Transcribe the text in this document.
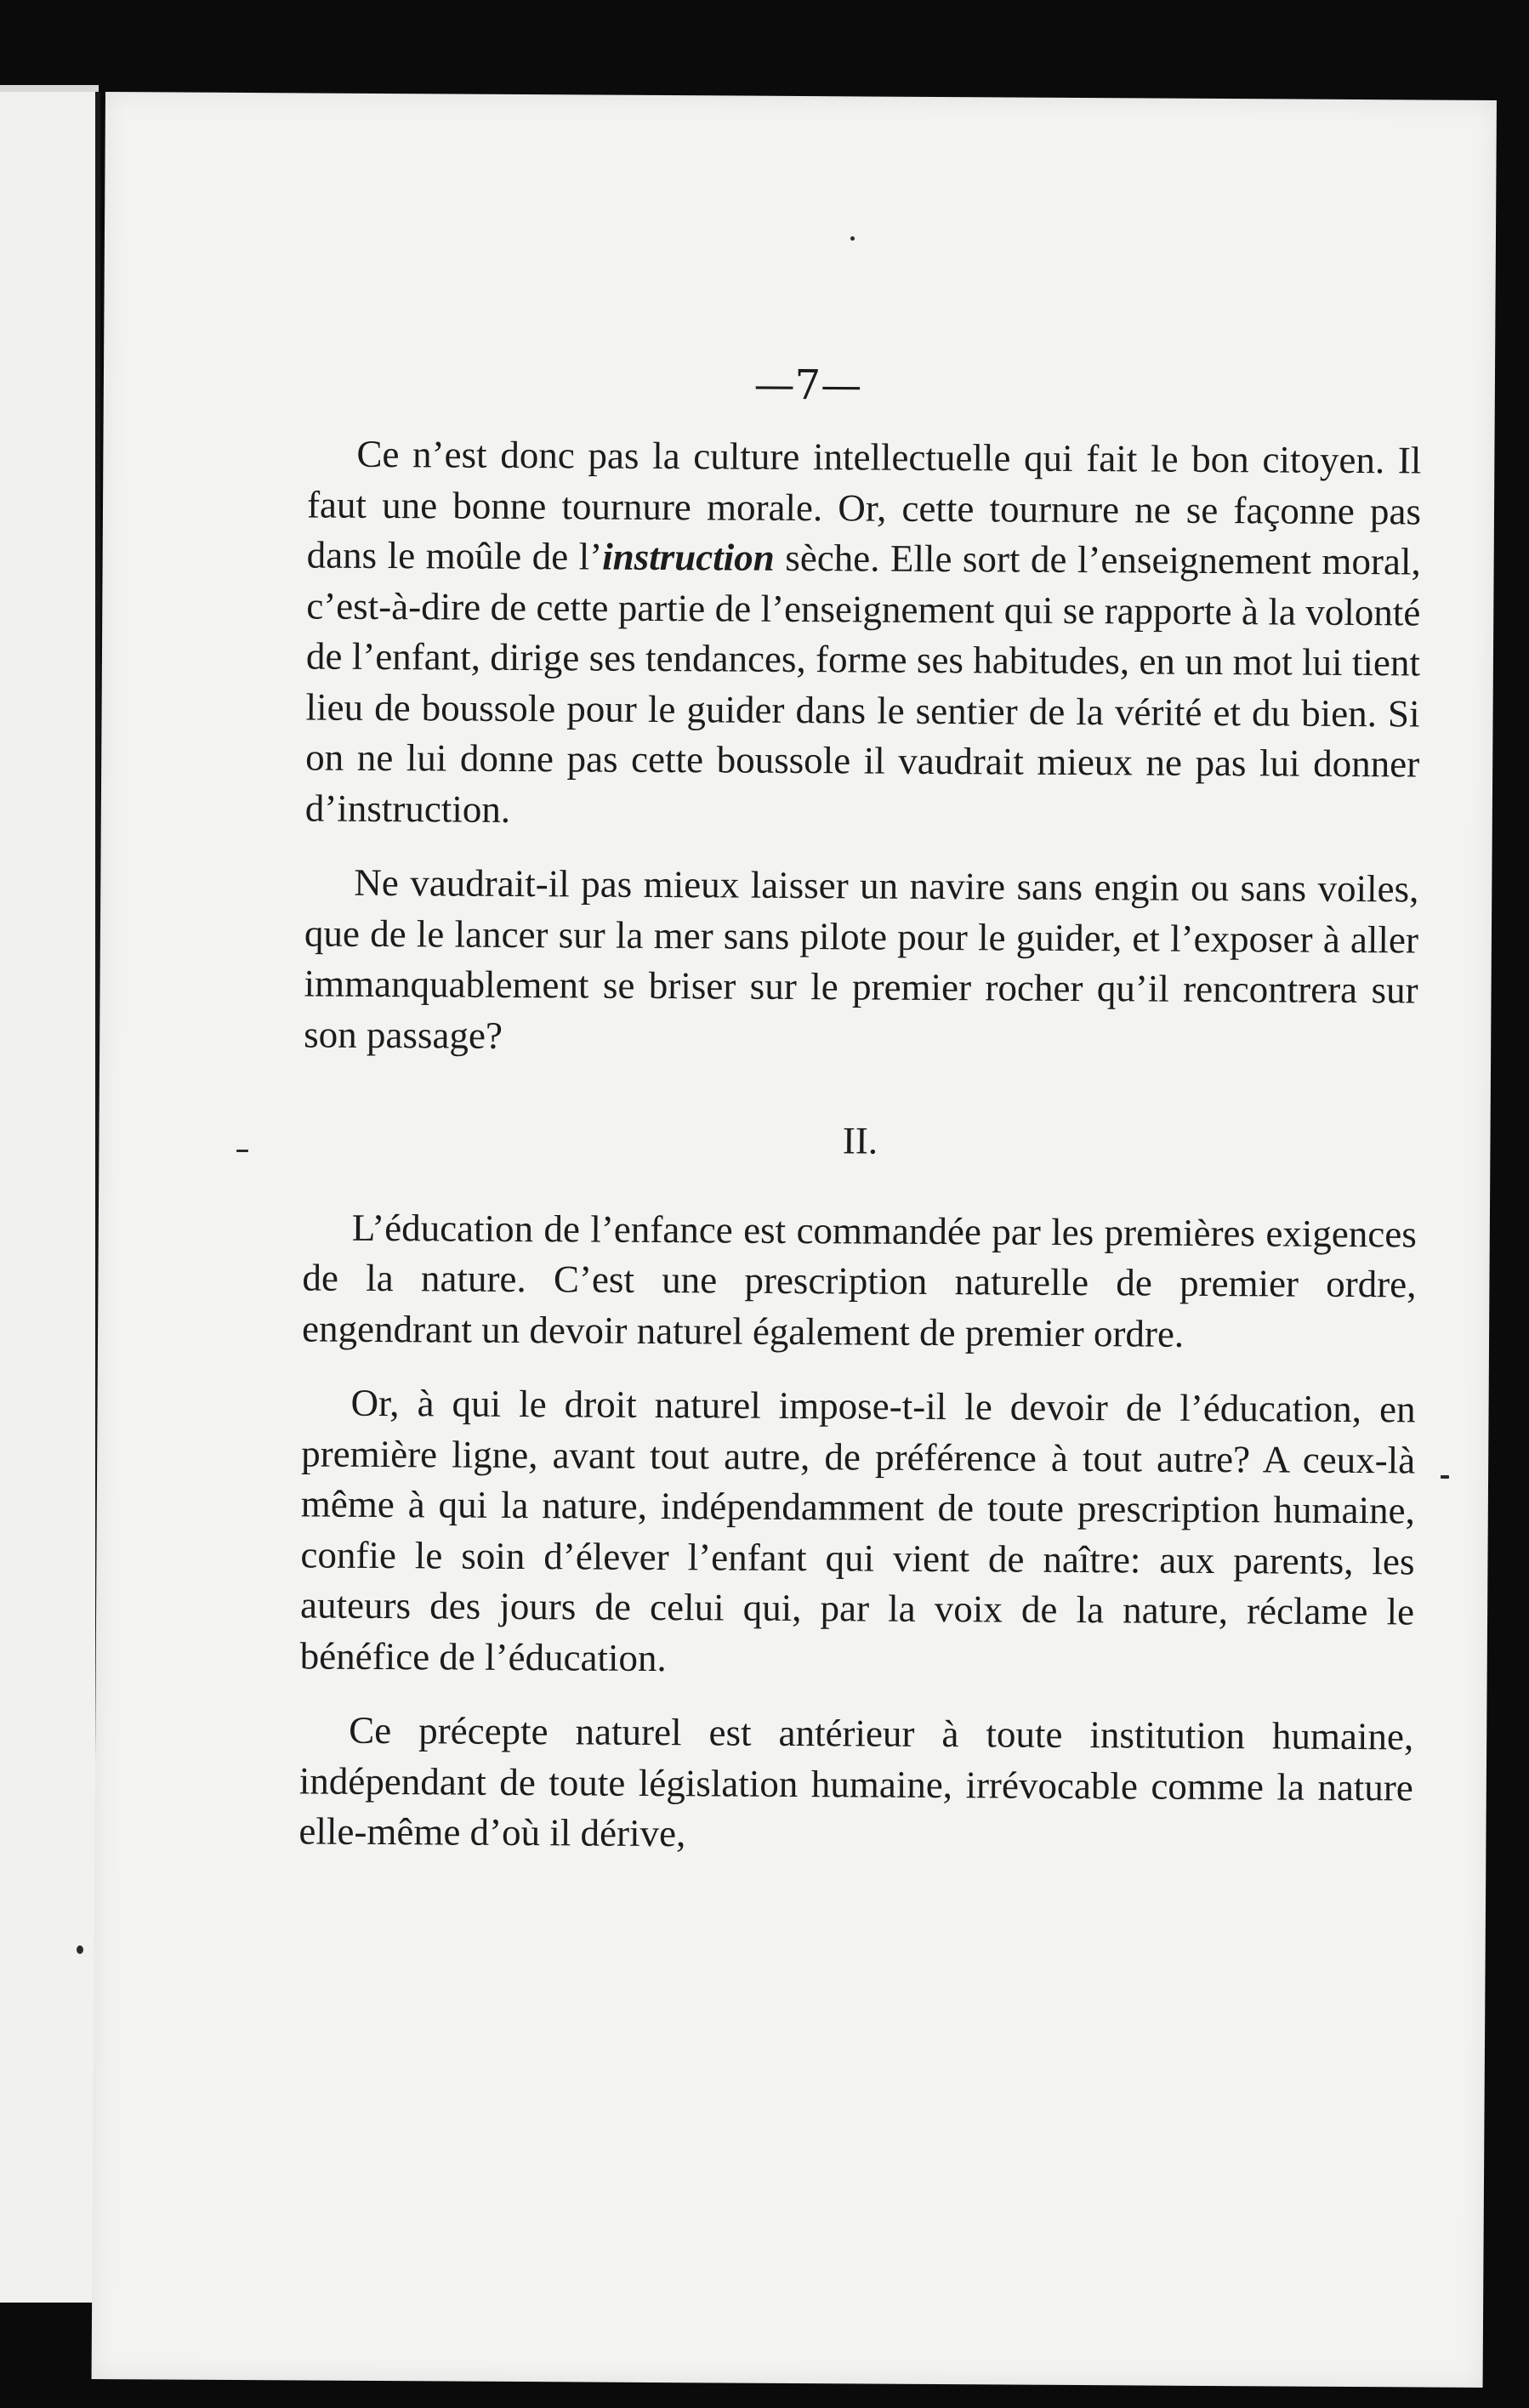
—7—

Ce n’est donc pas la culture intellectuelle qui fait le bon citoyen. Il faut une bonne tournure morale. Or, cette tournure ne se façonne pas dans le moûle de l’instruction sèche. Elle sort de l’enseignement moral, c’est-à-dire de cette partie de l’enseignement qui se rapporte à la volonté de l’enfant, dirige ses tendances, forme ses habitudes, en un mot lui tient lieu de boussole pour le guider dans le sentier de la vérité et du bien. Si on ne lui donne pas cette boussole il vaudrait mieux ne pas lui donner d’instruction.

Ne vaudrait-il pas mieux laisser un navire sans engin ou sans voiles, que de le lancer sur la mer sans pilote pour le guider, et l’exposer à aller immanquablement se briser sur le premier rocher qu’il rencontrera sur son passage?

II.

L’éducation de l’enfance est commandée par les premières exigences de la nature. C’est une prescription naturelle de premier ordre, engendrant un devoir naturel également de premier ordre.

Or, à qui le droit naturel impose-t-il le devoir de l’éducation, en première ligne, avant tout autre, de préférence à tout autre? A ceux-là même à qui la nature, indépendamment de toute prescription humaine, confie le soin d’élever l’enfant qui vient de naître: aux parents, les auteurs des jours de celui qui, par la voix de la nature, réclame le bénéfice de l’éducation.

Ce précepte naturel est antérieur à toute institution humaine, indépendant de toute législation humaine, irrévocable comme la nature elle-même d’où il dérive,
